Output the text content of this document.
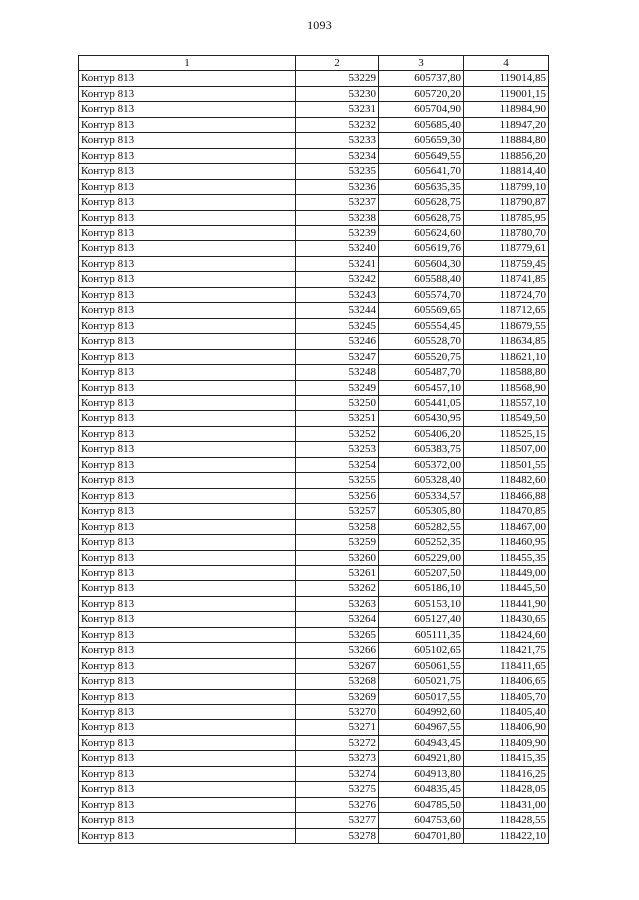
1093
1	2	3	4
Контур 813	53229	605737,80	119014,85
Контур 813	53230	605720,20	119001,15
Контур 813	53231	605704,90	118984,90
Контур 813	53232	605685,40	118947,20
Контур 813	53233	605659,30	118884,80
Контур 813	53234	605649,55	118856,20
Контур 813	53235	605641,70	118814,40
Контур 813	53236	605635,35	118799,10
Контур 813	53237	605628,75	118790,87
Контур 813	53238	605628,75	118785,95
Контур 813	53239	605624,60	118780,70
Контур 813	53240	605619,76	118779,61
Контур 813	53241	605604,30	118759,45
Контур 813	53242	605588,40	118741,85
Контур 813	53243	605574,70	118724,70
Контур 813	53244	605569,65	118712,65
Контур 813	53245	605554,45	118679,55
Контур 813	53246	605528,70	118634,85
Контур 813	53247	605520,75	118621,10
Контур 813	53248	605487,70	118588,80
Контур 813	53249	605457,10	118568,90
Контур 813	53250	605441,05	118557,10
Контур 813	53251	605430,95	118549,50
Контур 813	53252	605406,20	118525,15
Контур 813	53253	605383,75	118507,00
Контур 813	53254	605372,00	118501,55
Контур 813	53255	605328,40	118482,60
Контур 813	53256	605334,57	118466,88
Контур 813	53257	605305,80	118470,85
Контур 813	53258	605282,55	118467,00
Контур 813	53259	605252,35	118460,95
Контур 813	53260	605229,00	118455,35
Контур 813	53261	605207,50	118449,00
Контур 813	53262	605186,10	118445,50
Контур 813	53263	605153,10	118441,90
Контур 813	53264	605127,40	118430,65
Контур 813	53265	605111,35	118424,60
Контур 813	53266	605102,65	118421,75
Контур 813	53267	605061,55	118411,65
Контур 813	53268	605021,75	118406,65
Контур 813	53269	605017,55	118405,70
Контур 813	53270	604992,60	118405,40
Контур 813	53271	604967,55	118406,90
Контур 813	53272	604943,45	118409,90
Контур 813	53273	604921,80	118415,35
Контур 813	53274	604913,80	118416,25
Контур 813	53275	604835,45	118428,05
Контур 813	53276	604785,50	118431,00
Контур 813	53277	604753,60	118428,55
Контур 813	53278	604701,80	118422,10
